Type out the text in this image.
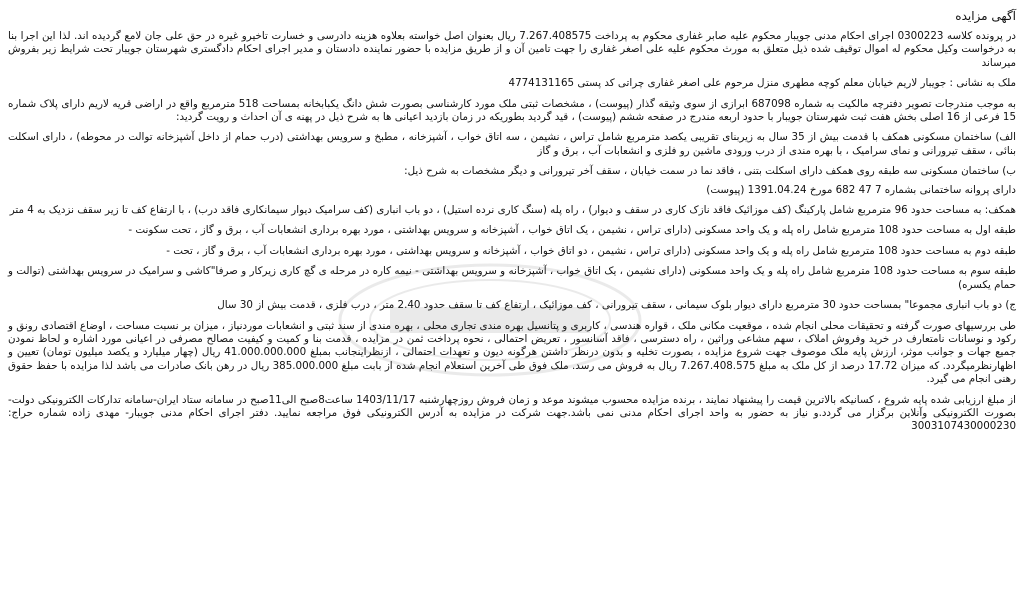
آگهی مزایده

در پرونده کلاسه 0300223 اجرای احکام مدنی جویبار محکوم علیه صابر غفاری محکوم به پرداخت 7.267.408575 ریال بعنوان اصل خواسته بعلاوه هزینه دادرسی و خسارت تاخیرو غیره در حق علی جان لامع گردیده اند. لذا این اجرا بنا به درخواست وکیل محکوم له اموال توقیف شده ذیل متعلق به مورث محکوم علیه علی اصغر غفاری را جهت تامین آن و از طریق مزایده با حضور نماینده دادستان و مدیر اجرای احکام دادگستری شهرستان جویبار تحت شرایط زیر بفروش میرساند

ملک به نشانی : جویبار لاریم خیابان معلم کوچه مطهری منزل مرحوم علی اصغر غفاری چراتی کد پستی 4774131165

به موجب مندرجات تصویر دفترچه مالکیت به شماره 687098 ابرازی از سوی وثیقه گذار (پیوست) ، مشخصات ثبتی ملک مورد کارشناسی بصورت شش دانگ یکبابخانه بمساحت 518 مترمربع واقع در اراضی قریه لاریم دارای پلاک شماره 15 فرعی از 16 اصلی بخش هفت ثبت شهرستان جویبار با حدود اربعه مندرج در صفحه ششم (پیوست) ، قید گردید بطوریکه در زمان بازدید اعیانی ها به شرح ذیل در پهنه ی آن احداث و رویت گردید:

الف) ساختمان مسکونی همکف با قدمت بیش از 35 سال به زیربنای تقریبی یکصد مترمربع شامل تراس ، نشیمن ، سه اتاق خواب ، آشپزخانه ، مطبخ و سرویس بهداشتی (درب حمام از داخل آشپزخانه توالت در محوطه) ، دارای اسکلت بنائی ، سقف تیرورانی و نمای سرامیک ، با بهره مندی از درب ورودی ماشین رو فلزی و انشعابات آب ، برق و گاز

ب) ساختمان مسکونی سه طبقه روی همکف دارای اسکلت بتنی ، فاقد نما در سمت خیابان ، سقف آخر تیرورانی و دیگر مشخصات به شرح ذیل:

دارای پروانه ساختمانی بشماره 7 47 682 مورخ 1391.04.24 (پیوست)

همکف: به مساحت حدود 96 مترمربع شامل پارکینگ (کف موزائیک فاقد نازک کاری در سقف و دیوار) ، راه پله (سنگ کاری نرده استیل) ، دو باب انباری (کف سرامیک دیوار سیمانکاری فاقد درب) ، با ارتفاع کف تا زیر سقف نزدیک به 4 متر

طبقه اول به مساحت حدود 108 مترمربع شامل راه پله و یک واحد مسکونی (دارای تراس ، نشیمن ، یک اتاق خواب ، آشپزخانه و سرویس بهداشتی ، مورد بهره برداری انشعابات آب ، برق و گاز ، تحت سکونت -

طبقه دوم به مساحت حدود 108 مترمربع شامل راه پله و یک واحد مسکونی (دارای تراس ، نشیمن ، دو اتاق خواب ، آشپزخانه و سرویس بهداشتی ، مورد بهره برداری انشعابات آب ، برق و گاز ، تحت -

طبقه سوم به مساحت حدود 108 مترمربع شامل راه پله و یک واحد مسکونی (دارای نشیمن ، یک اتاق خواب ، آشپزخانه و سرویس بهداشتی - نیمه کاره در مرحله ی گچ کاری زیرکار و صرفا"کاشی و سرامیک در سرویس بهداشتی (توالت و حمام یکسره)

ج) دو باب انباری مجموعا" بمساحت حدود 30 مترمربع دارای دیوار بلوک سیمانی ، سقف تیرورانی ، کف موزائیک ، ارتفاع کف تا سقف حدود 2.40 متر ، درب فلزی ، قدمت بیش از 30 سال

طی بررسیهای صورت گرفته و تحقیقات محلی انجام شده ، موقعیت مکانی ملک ، قواره هندسی ، کاربری و پتانسیل بهره مندی تجاری محلی ، بهره مندی از سند ثبتی و انشعابات موردنیاز ، میزان بر نسبت مساحت ، اوضاع اقتصادی رونق و رکود و نوسانات نامتعارف در خرید وفروش املاک ، سهم مشاعی وراثین ، راه دسترسی ، فاقد آسانسور ، تعریض احتمالی ، نحوه پرداخت ثمن در مزایده ، قدمت بنا و کمیت و کیفیت مصالح مصرفی در اعیانی مورد اشاره و لحاظ نمودن جمیع جهات و جوانب موثر، ارزش پایه ملک موصوف جهت شروع مزایده ، بصورت تخلیه و بدون درنظر داشتن هرگونه دیون و تعهدات احتمالی ، ازنظراینجانب بمبلغ 41.000.000.000 ریال (چهار میلیارد و یکصد میلیون تومان) تعیین و اظهارنظرمیگردد. که میزان 17.72 درصد از کل ملک به مبلغ 7.267.408.575 ریال به فروش می رسد. ملک فوق طی آخرین استعلام انجام شده از بابت مبلغ 385.000.000 ریال در رهن بانک صادرات می باشد لذا مزایده با حفظ حقوق رهنی انجام می گیرد.

از مبلغ ارزیابی شده پایه شروع ، کسانیکه بالاترین قیمت را پیشنهاد نمایند ، برنده مزایده محسوب میشوند موعد و زمان فروش روزچهارشنبه 1403/11/17 ساعت8صبح الی11صبح در سامانه ستاد ایران-سامانه تدارکات الکترونیکی دولت-بصورت الکترونیکی وآنلاین برگزار می گردد.و نیاز به حضور به واحد اجرای احکام مدنی نمی باشد.جهت شرکت در مزایده به آدرس الکترونیکی فوق مراجعه نمایید. دفتر اجرای احکام مدنی جویبار- مهدی زاده شماره حراج: 3003107430000230
